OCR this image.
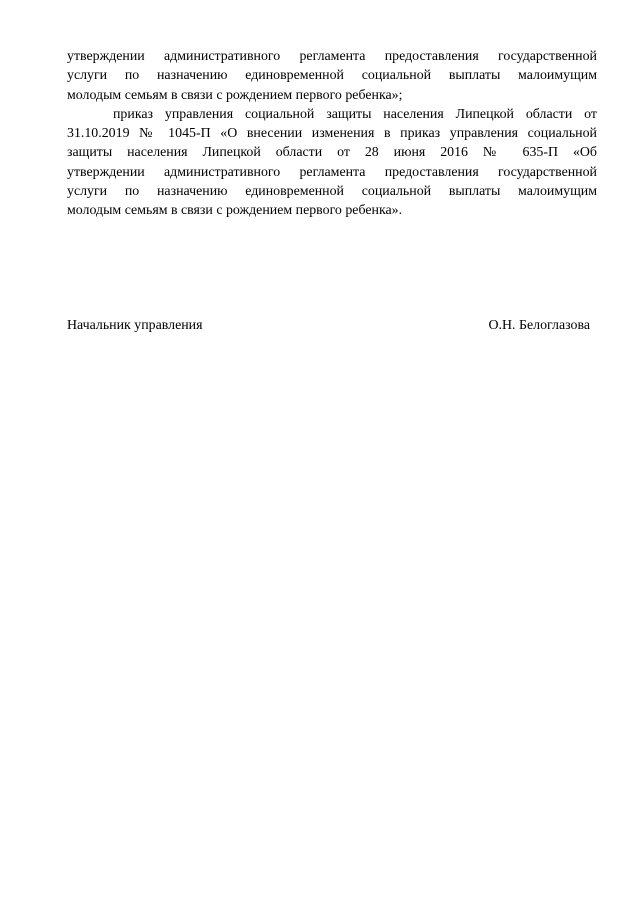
утверждении административного регламента предоставления государственной
услуги по назначению единовременной социальной выплаты малоимущим
молодым семьям в связи с рождением первого ребенка»;
приказ управления социальной защиты населения Липецкой области от
31.10.2019 № 1045-П «О внесении изменения в приказ управления социальной
защиты населения Липецкой области от 28 июня 2016 № 635-П «Об
утверждении административного регламента предоставления государственной
услуги по назначению единовременной социальной выплаты малоимущим
молодым семьям в связи с рождением первого ребенка».
Начальник управления	О.Н. Белоглазова
